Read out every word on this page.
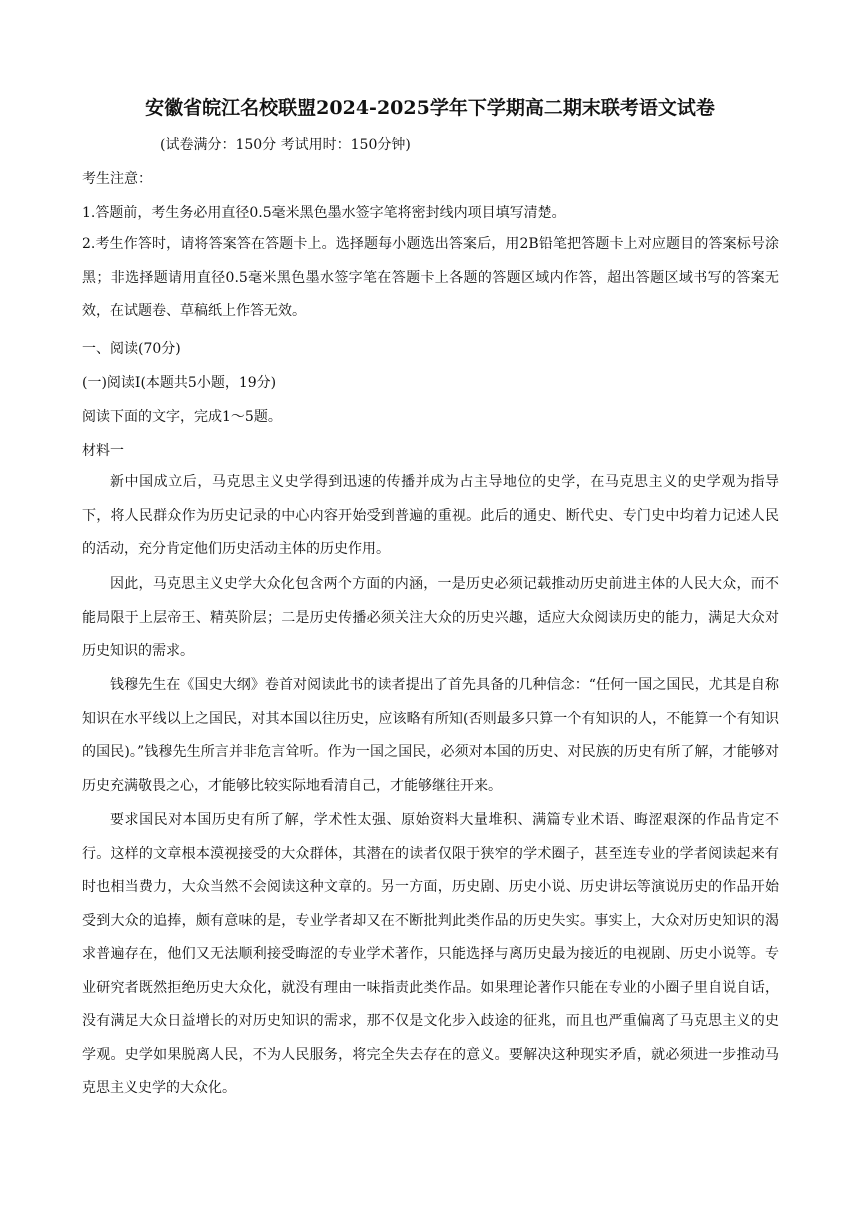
安徽省皖江名校联盟2024-2025学年下学期高二期末联考语文试卷
(试卷满分：150分 考试用时：150分钟)
考生注意：
1.答题前，考生务必用直径0.5毫米黑色墨水签字笔将密封线内项目填写清楚。
2.考生作答时，请将答案答在答题卡上。选择题每小题选出答案后，用2B铅笔把答题卡上对应题目的答案标号涂黑；非选择题请用直径0.5毫米黑色墨水签字笔在答题卡上各题的答题区域内作答，超出答题区域书写的答案无效，在试题卷、草稿纸上作答无效。
一、阅读(70分)
(一)阅读I(本题共5小题，19分)
阅读下面的文字，完成1～5题。
材料一
新中国成立后，马克思主义史学得到迅速的传播并成为占主导地位的史学，在马克思主义的史学观为指导下，将人民群众作为历史记录的中心内容开始受到普遍的重视。此后的通史、断代史、专门史中均着力记述人民的活动，充分肯定他们历史活动主体的历史作用。
因此，马克思主义史学大众化包含两个方面的内涵，一是历史必须记载推动历史前进主体的人民大众，而不能局限于上层帝王、精英阶层；二是历史传播必须关注大众的历史兴趣，适应大众阅读历史的能力，满足大众对历史知识的需求。
钱穆先生在《国史大纲》卷首对阅读此书的读者提出了首先具备的几种信念：“任何一国之国民，尤其是自称知识在水平线以上之国民，对其本国以往历史，应该略有所知(否则最多只算一个有知识的人，不能算一个有知识的国民)。”钱穆先生所言并非危言耸听。作为一国之国民，必须对本国的历史、对民族的历史有所了解，才能够对历史充满敬畏之心，才能够比较实际地看清自己，才能够继往开来。
要求国民对本国历史有所了解，学术性太强、原始资料大量堆积、满篇专业术语、晦涩艰深的作品肯定不行。这样的文章根本漠视接受的大众群体，其潜在的读者仅限于狭窄的学术圈子，甚至连专业的学者阅读起来有时也相当费力，大众当然不会阅读这种文章的。另一方面，历史剧、历史小说、历史讲坛等演说历史的作品开始受到大众的追捧，颇有意味的是，专业学者却又在不断批判此类作品的历史失实。事实上，大众对历史知识的渴求普遍存在，他们又无法顺利接受晦涩的专业学术著作，只能选择与离历史最为接近的电视剧、历史小说等。专业研究者既然拒绝历史大众化，就没有理由一味指责此类作品。如果理论著作只能在专业的小圈子里自说自话，没有满足大众日益增长的对历史知识的需求，那不仅是文化步入歧途的征兆，而且也严重偏离了马克思主义的史学观。史学如果脱离人民，不为人民服务，将完全失去存在的意义。要解决这种现实矛盾，就必须进一步推动马克思主义史学的大众化。
